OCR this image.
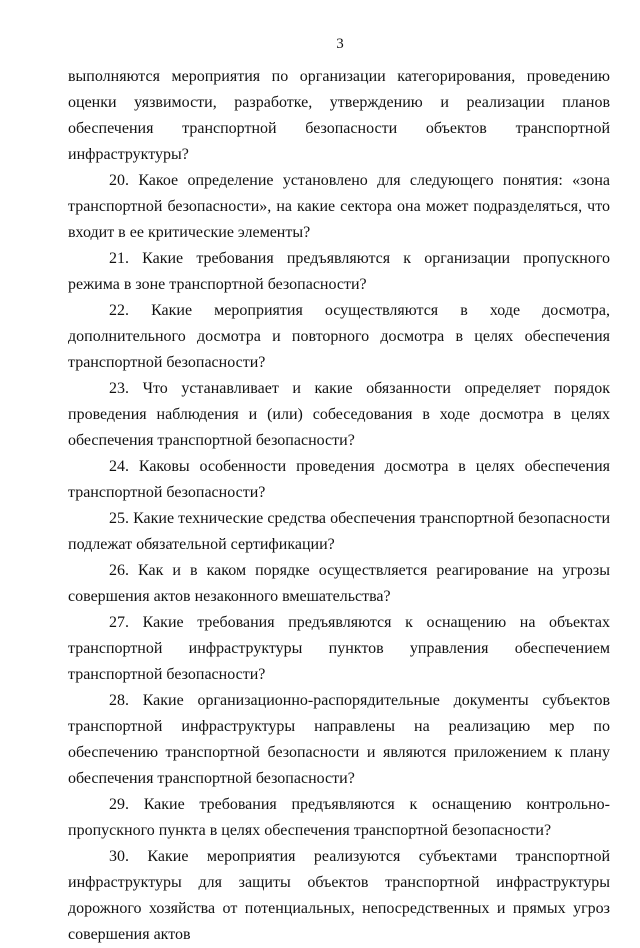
3

выполняются мероприятия по организации категорирования, проведению оценки уязвимости, разработке, утверждению и реализации планов обеспечения транспортной безопасности объектов транспортной инфраструктуры?

20. Какое определение установлено для следующего понятия: «зона транспортной безопасности», на какие сектора она может подразделяться, что входит в ее критические элементы?

21. Какие требования предъявляются к организации пропускного режима в зоне транспортной безопасности?

22. Какие мероприятия осуществляются в ходе досмотра, дополнительного досмотра и повторного досмотра в целях обеспечения транспортной безопасности?

23. Что устанавливает и какие обязанности определяет порядок проведения наблюдения и (или) собеседования в ходе досмотра в целях обеспечения транспортной безопасности?

24. Каковы особенности проведения досмотра в целях обеспечения транспортной безопасности?

25. Какие технические средства обеспечения транспортной безопасности подлежат обязательной сертификации?

26. Как и в каком порядке осуществляется реагирование на угрозы совершения актов незаконного вмешательства?

27. Какие требования предъявляются к оснащению на объектах транспортной инфраструктуры пунктов управления обеспечением транспортной безопасности?

28. Какие организационно-распорядительные документы субъектов транспортной инфраструктуры направлены на реализацию мер по обеспечению транспортной безопасности и являются приложением к плану обеспечения транспортной безопасности?

29. Какие требования предъявляются к оснащению контрольно-пропускного пункта в целях обеспечения транспортной безопасности?

30. Какие мероприятия реализуются субъектами транспортной инфраструктуры для защиты объектов транспортной инфраструктуры дорожного хозяйства от потенциальных, непосредственных и прямых угроз совершения актов
